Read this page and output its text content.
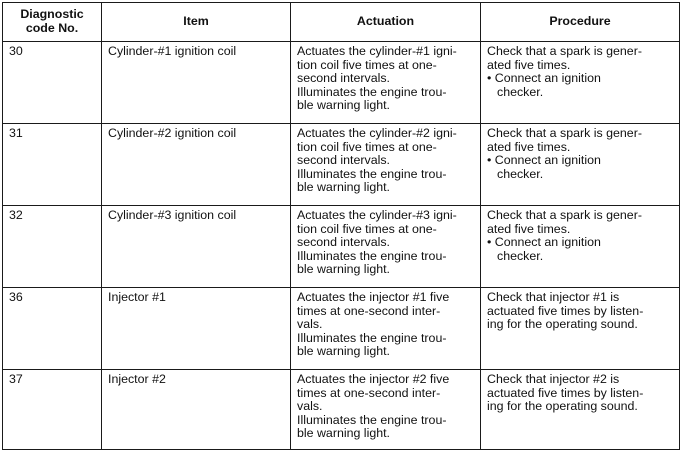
Diagnostic
code No.	Item	Actuation	Procedure
30	Cylinder-#1 ignition coil	Actuates the cylinder-#1 igni-
tion coil five times at one-
second intervals.
Illuminates the engine trou-
ble warning light.	Check that a spark is gener-
ated five times.
• Connect an ignition
checker.

31	Cylinder-#2 ignition coil	Actuates the cylinder-#2 igni-
tion coil five times at one-
second intervals.
Illuminates the engine trou-
ble warning light.	Check that a spark is gener-
ated five times.
• Connect an ignition
checker.

32	Cylinder-#3 ignition coil	Actuates the cylinder-#3 igni-
tion coil five times at one-
second intervals.
Illuminates the engine trou-
ble warning light.	Check that a spark is gener-
ated five times.
• Connect an ignition
checker.

36	Injector #1	Actuates the injector #1 five
times at one-second inter-
vals.
Illuminates the engine trou-
ble warning light.	Check that injector #1 is
actuated five times by listen-
ing for the operating sound.

37	Injector #2	Actuates the injector #2 five
times at one-second inter-
vals.
Illuminates the engine trou-
ble warning light.	Check that injector #2 is
actuated five times by listen-
ing for the operating sound.
